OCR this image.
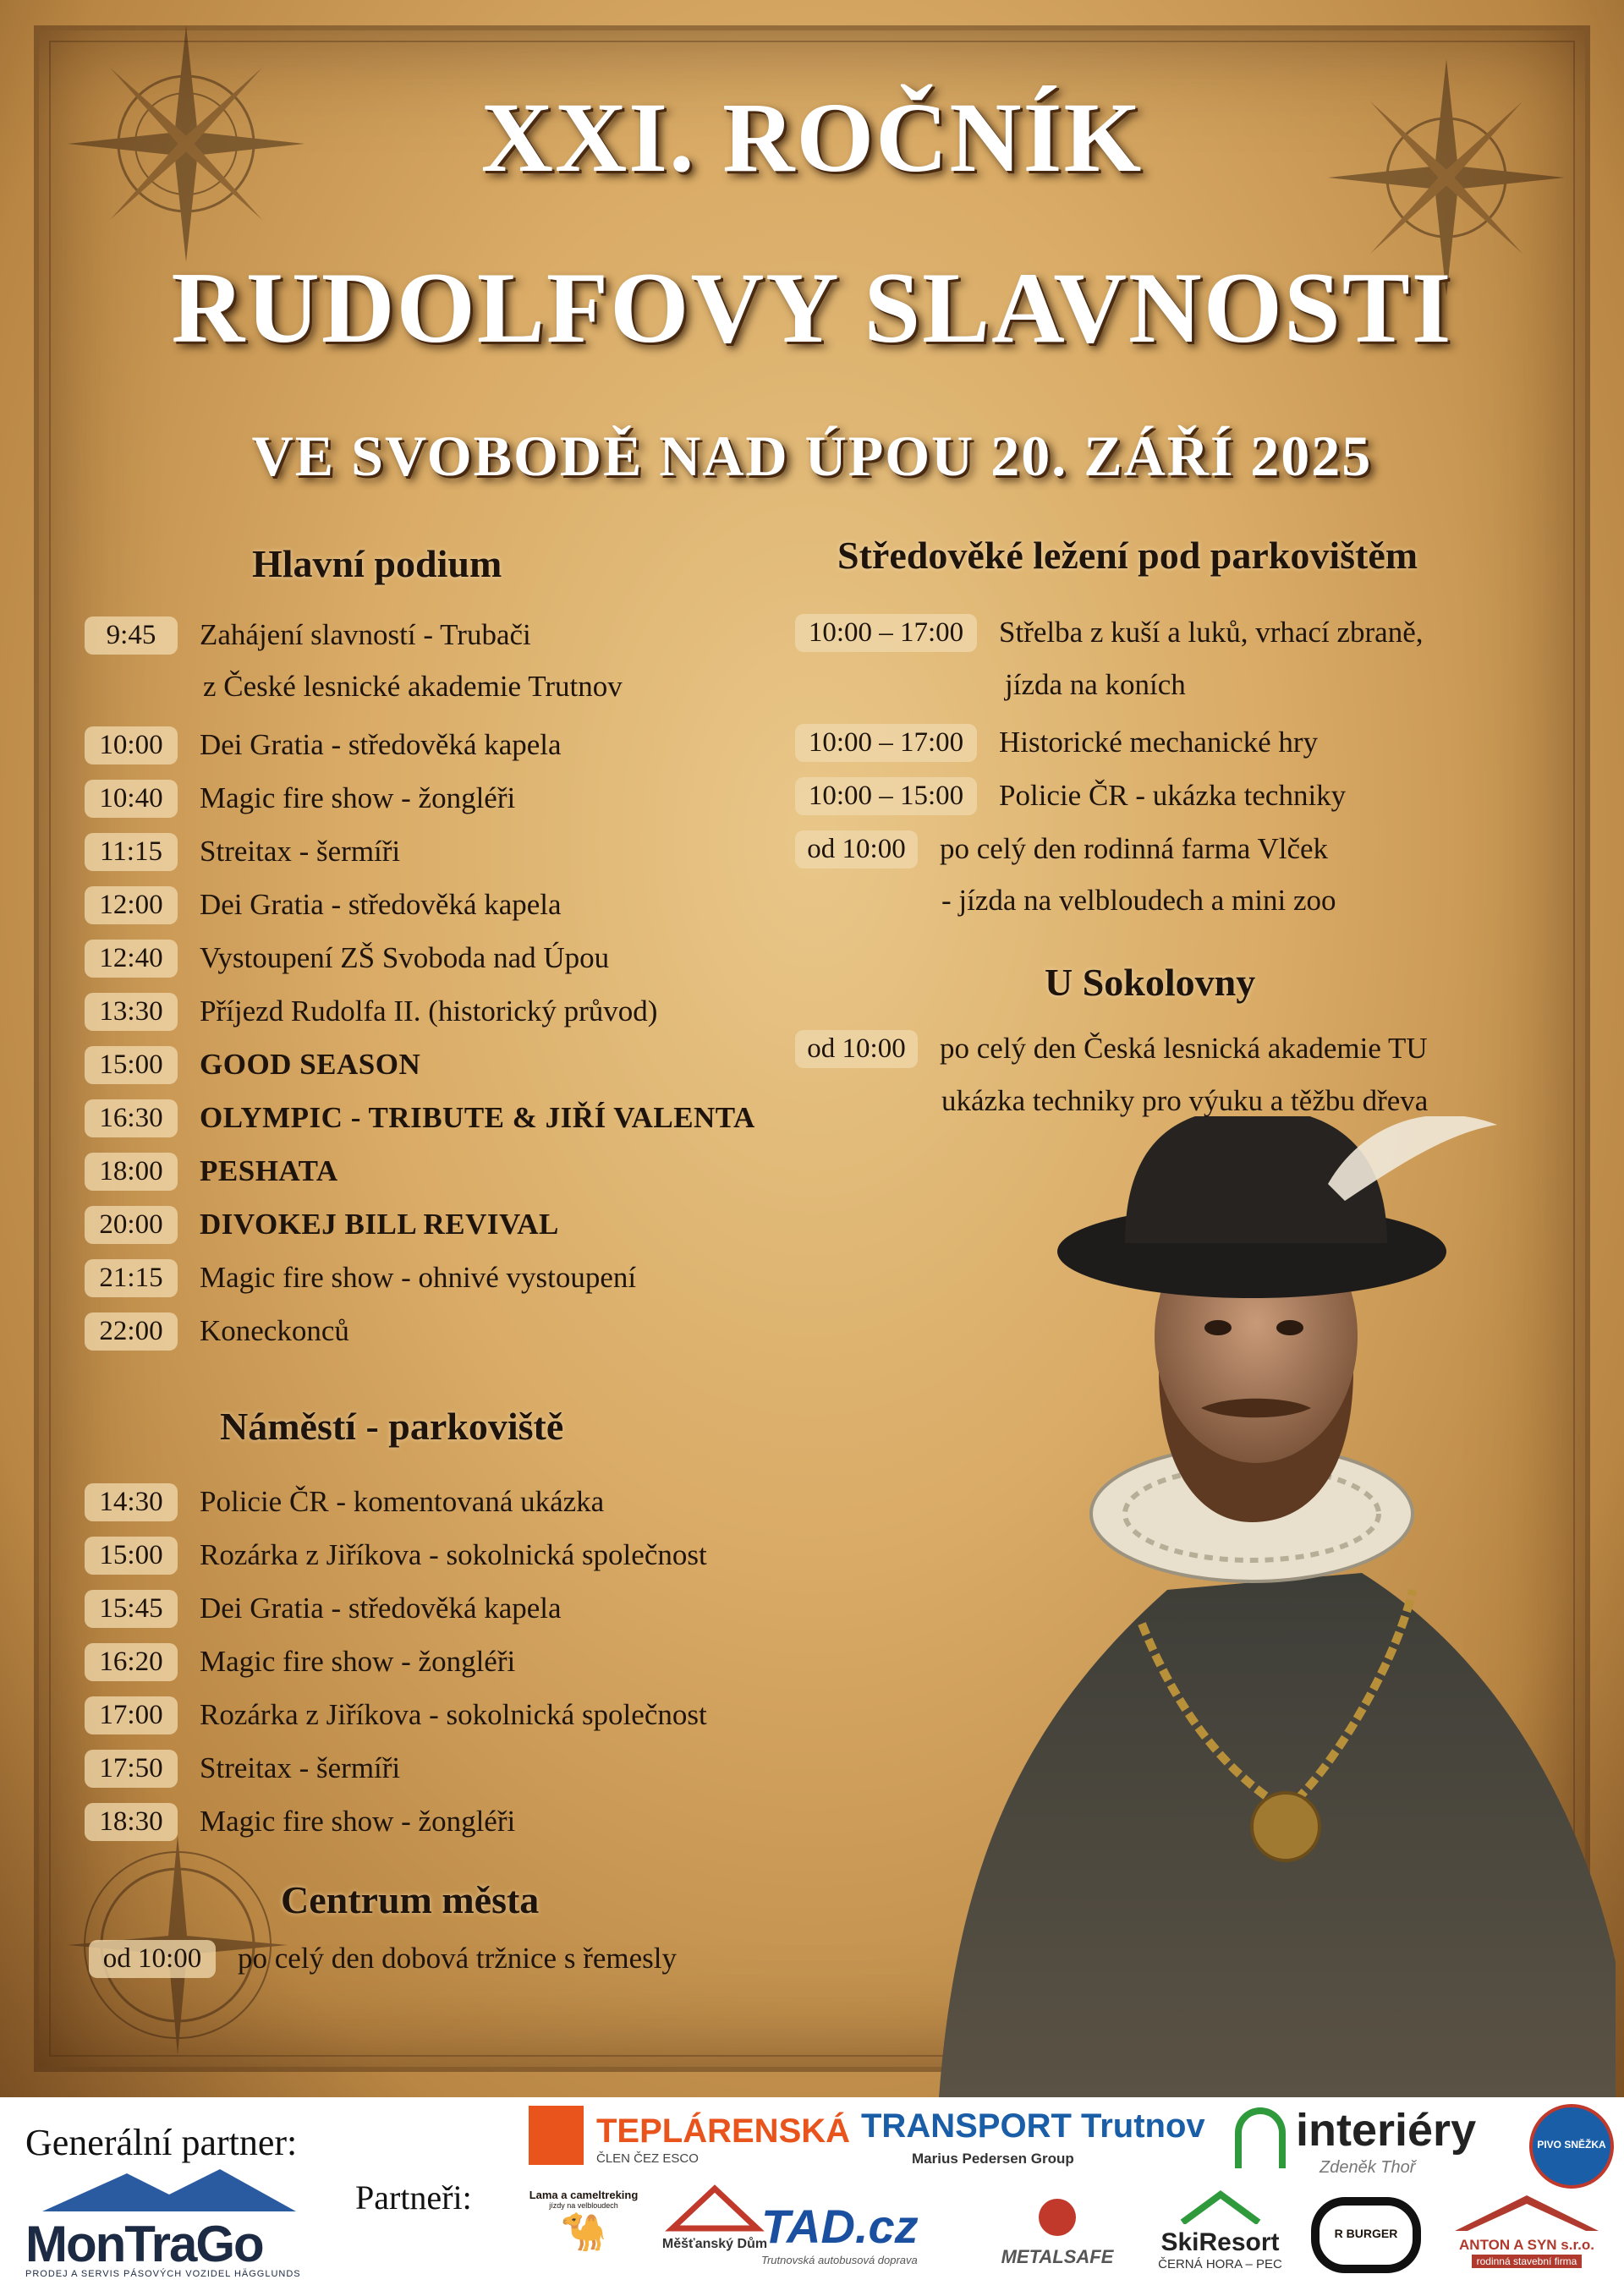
XXI. ROČNÍK
RUDOLFOVY SLAVNOSTI
VE SVOBODĚ NAD ÚPOU 20. ZÁŘÍ 2025
Hlavní podium
9:45	Zahájení slavností - Trubači
z České lesnické akademie Trutnov
10:00	Dei Gratia - středověká kapela
10:40	Magic fire show - žongléři
11:15	Streitax - šermíři
12:00	Dei Gratia - středověká kapela
12:40	Vystoupení ZŠ Svoboda nad Úpou
13:30	Příjezd Rudolfa II. (historický průvod)
15:00	GOOD SEASON
16:30	OLYMPIC - TRIBUTE & JIŘÍ VALENTA
18:00	PESHATA
20:00	DIVOKEJ BILL REVIVAL
21:15	Magic fire show - ohnivé vystoupení
22:00	Koneckonců
Náměstí - parkoviště
14:30	Policie ČR - komentovaná ukázka
15:00	Rozárka z Jiříkova - sokolnická společnost
15:45	Dei Gratia - středověká kapela
16:20	Magic fire show - žongléři
17:00	Rozárka z Jiříkova - sokolnická společnost
17:50	Streitax - šermíři
18:30	Magic fire show - žongléři
Centrum města
od 10:00	po celý den dobová tržnice s řemesly
Středověké ležení pod parkovištěm
10:00 – 17:00	Střelba z kuší a luků, vrhací zbraně,
jízda na koních
10:00 – 17:00	Historické mechanické hry
10:00 – 15:00	Policie ČR - ukázka techniky
od 10:00	po celý den rodinná farma Vlček
- jízda na velbloudech a mini zoo
U Sokolovny
od 10:00	po celý den Česká lesnická akademie TU
ukázka techniky pro výuku a těžbu dřeva
Generální partner:
Partneři:
MonTraGo
PRODEJ A SERVIS PÁSOVÝCH VOZIDEL HÄGGLUNDS
TEPLÁRENSKÁ
ČLEN ČEZ ESCO
TRANSPORT Trutnov
Marius Pedersen Group
interiéry
Zdeněk Thoř
PIVO SNĚŽKA
Lama a cameltreking
jízdy na velbloudech
🐪	Měšťanský Dům
TAD.cz
Trutnovská autobusová doprava	METALSAFE
SkiResort
ČERNÁ HORA – PEC
R BURGER
ANTON A SYN s.r.o.
rodinná stavební firma
